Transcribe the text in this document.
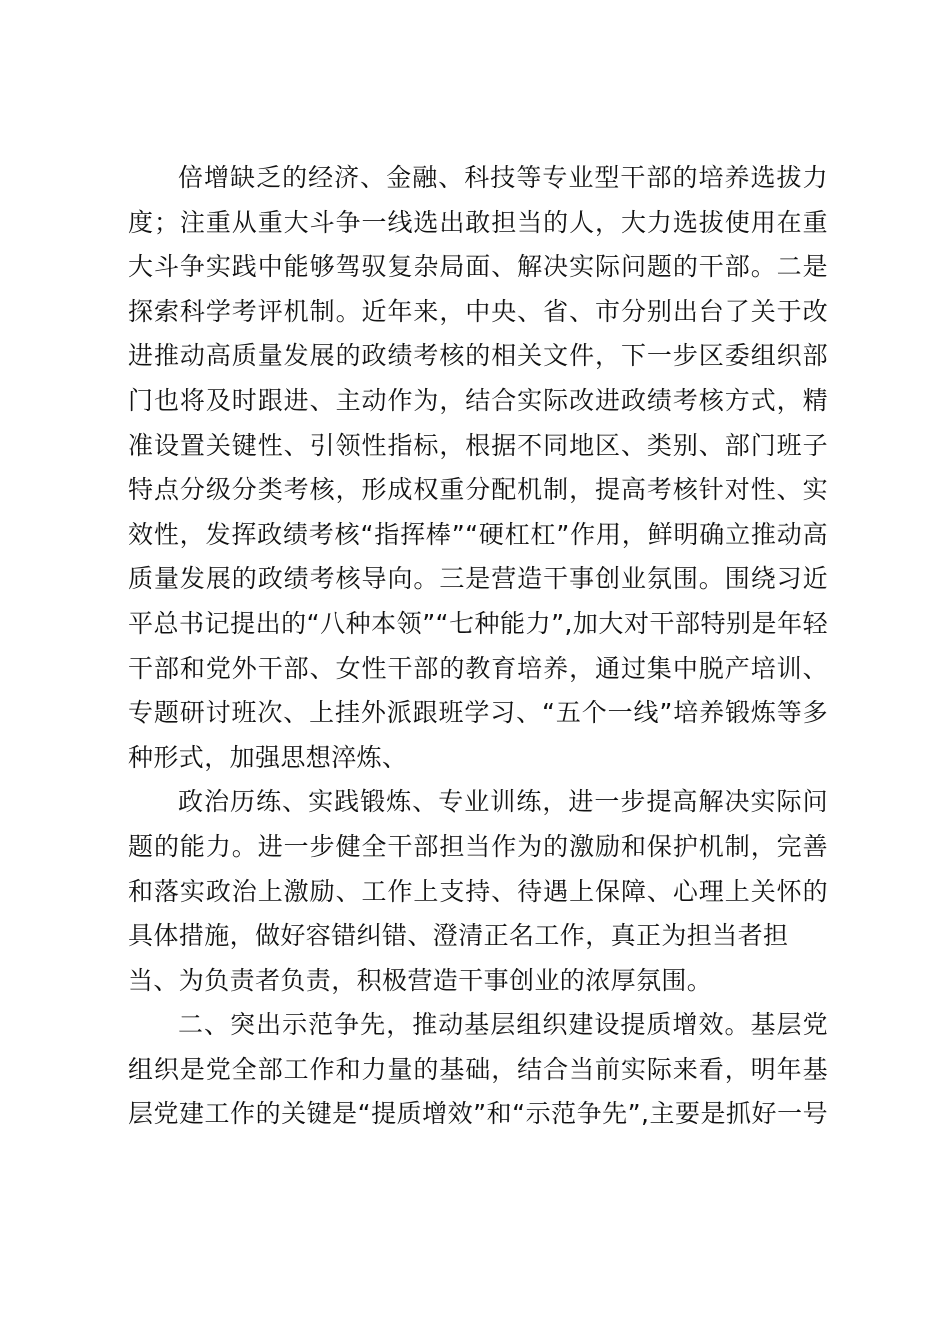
倍增缺乏的经济、金融、科技等专业型干部的培养选拔力
度；注重从重大斗争一线选出敢担当的人，大力选拔使用在重
大斗争实践中能够驾驭复杂局面、解决实际问题的干部。二是
探索科学考评机制。近年来，中央、省、市分别出台了关于改
进推动高质量发展的政绩考核的相关文件，下一步区委组织部
门也将及时跟进、主动作为，结合实际改进政绩考核方式，精
准设置关键性、引领性指标，根据不同地区、类别、部门班子
特点分级分类考核，形成权重分配机制，提高考核针对性、实
效性，发挥政绩考核“指挥棒”“硬杠杠”作用，鲜明确立推动高
质量发展的政绩考核导向。三是营造干事创业氛围。围绕习近
平总书记提出的“八种本领”“七种能力”,加大对干部特别是年轻
干部和党外干部、女性干部的教育培养，通过集中脱产培训、
专题研讨班次、上挂外派跟班学习、“五个一线”培养锻炼等多
种形式，加强思想淬炼、
政治历练、实践锻炼、专业训练，进一步提高解决实际问
题的能力。进一步健全干部担当作为的激励和保护机制，完善
和落实政治上激励、工作上支持、待遇上保障、心理上关怀的
具体措施，做好容错纠错、澄清正名工作，真正为担当者担
当、为负责者负责，积极营造干事创业的浓厚氛围。
二、突出示范争先，推动基层组织建设提质增效。基层党
组织是党全部工作和力量的基础，结合当前实际来看，明年基
层党建工作的关键是“提质增效”和“示范争先”,主要是抓好一号
